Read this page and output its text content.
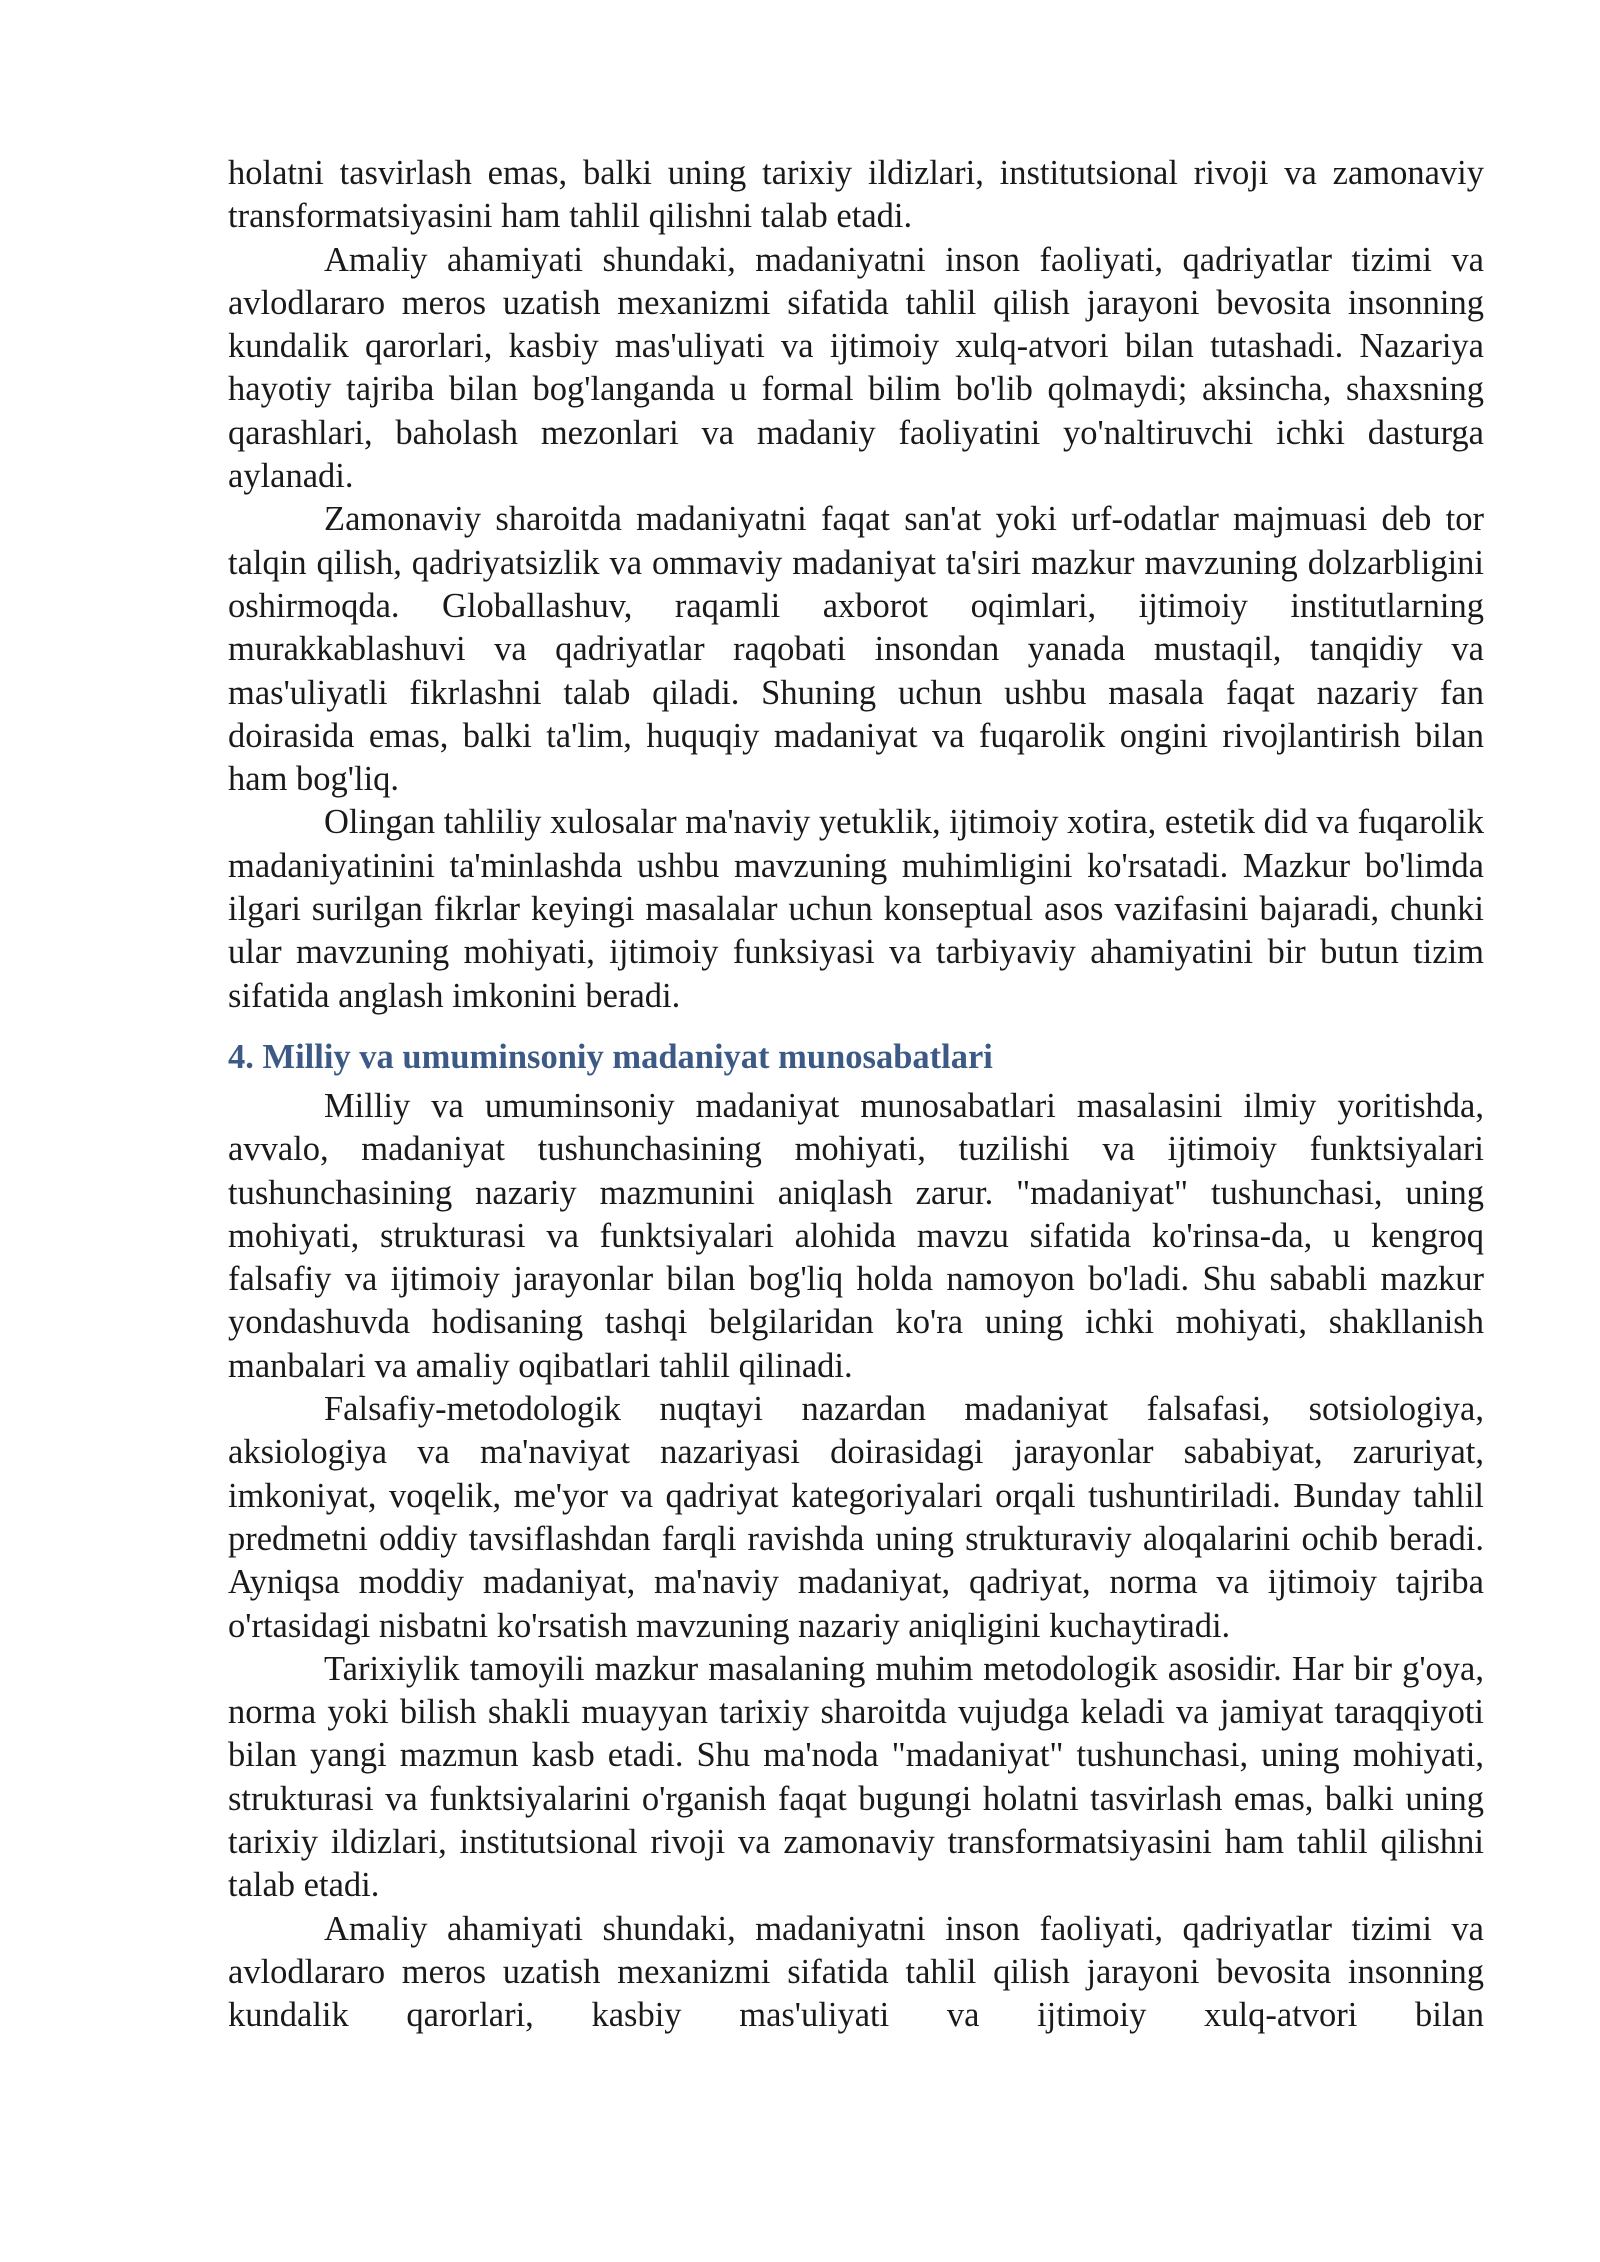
holatni tasvirlash emas, balki uning tarixiy ildizlari, institutsional rivoji va zamonaviy transformatsiyasini ham tahlil qilishni talab etadi.

Amaliy ahamiyati shundaki, madaniyatni inson faoliyati, qadriyatlar tizimi va avlodlararo meros uzatish mexanizmi sifatida tahlil qilish jarayoni bevosita insonning kundalik qarorlari, kasbiy mas'uliyati va ijtimoiy xulq-atvori bilan tutashadi. Nazariya hayotiy tajriba bilan bog'langanda u formal bilim bo'lib qolmaydi; aksincha, shaxsning qarashlari, baholash mezonlari va madaniy faoliyatini yo'naltiruvchi ichki dasturga aylanadi.

Zamonaviy sharoitda madaniyatni faqat san'at yoki urf-odatlar majmuasi deb tor talqin qilish, qadriyatsizlik va ommaviy madaniyat ta'siri mazkur mavzuning dolzarbligini oshirmoqda. Globallashuv, raqamli axborot oqimlari, ijtimoiy institutlarning murakkablashuvi va qadriyatlar raqobati insondan yanada mustaqil, tanqidiy va mas'uliyatli fikrlashni talab qiladi. Shuning uchun ushbu masala faqat nazariy fan doirasida emas, balki ta'lim, huquqiy madaniyat va fuqarolik ongini rivojlantirish bilan ham bog'liq.

Olingan tahliliy xulosalar ma'naviy yetuklik, ijtimoiy xotira, estetik did va fuqarolik madaniyatinini ta'minlashda ushbu mavzuning muhimligini ko'rsatadi. Mazkur bo'limda ilgari surilgan fikrlar keyingi masalalar uchun konseptual asos vazifasini bajaradi, chunki ular mavzuning mohiyati, ijtimoiy funksiyasi va tarbiyaviy ahamiyatini bir butun tizim sifatida anglash imkonini beradi.

4. Milliy va umuminsoniy madaniyat munosabatlari

Milliy va umuminsoniy madaniyat munosabatlari masalasini ilmiy yoritishda, avvalo, madaniyat tushunchasining mohiyati, tuzilishi va ijtimoiy funktsiyalari tushunchasining nazariy mazmunini aniqlash zarur. "madaniyat" tushunchasi, uning mohiyati, strukturasi va funktsiyalari alohida mavzu sifatida ko'rinsa-da, u kengroq falsafiy va ijtimoiy jarayonlar bilan bog'liq holda namoyon bo'ladi. Shu sababli mazkur yondashuvda hodisaning tashqi belgilaridan ko'ra uning ichki mohiyati, shakllanish manbalari va amaliy oqibatlari tahlil qilinadi.

Falsafiy-metodologik nuqtayi nazardan madaniyat falsafasi, sotsiologiya, aksiologiya va ma'naviyat nazariyasi doirasidagi jarayonlar sababiyat, zaruriyat, imkoniyat, voqelik, me'yor va qadriyat kategoriyalari orqali tushuntiriladi. Bunday tahlil predmetni oddiy tavsiflashdan farqli ravishda uning strukturaviy aloqalarini ochib beradi. Ayniqsa moddiy madaniyat, ma'naviy madaniyat, qadriyat, norma va ijtimoiy tajriba o'rtasidagi nisbatni ko'rsatish mavzuning nazariy aniqligini kuchaytiradi.

Tarixiylik tamoyili mazkur masalaning muhim metodologik asosidir. Har bir g'oya, norma yoki bilish shakli muayyan tarixiy sharoitda vujudga keladi va jamiyat taraqqiyoti bilan yangi mazmun kasb etadi. Shu ma'noda "madaniyat" tushunchasi, uning mohiyati, strukturasi va funktsiyalarini o'rganish faqat bugungi holatni tasvirlash emas, balki uning tarixiy ildizlari, institutsional rivoji va zamonaviy transformatsiyasini ham tahlil qilishni talab etadi.

Amaliy ahamiyati shundaki, madaniyatni inson faoliyati, qadriyatlar tizimi va avlodlararo meros uzatish mexanizmi sifatida tahlil qilish jarayoni bevosita insonning kundalik qarorlari, kasbiy mas'uliyati va ijtimoiy xulq-atvori bilan
